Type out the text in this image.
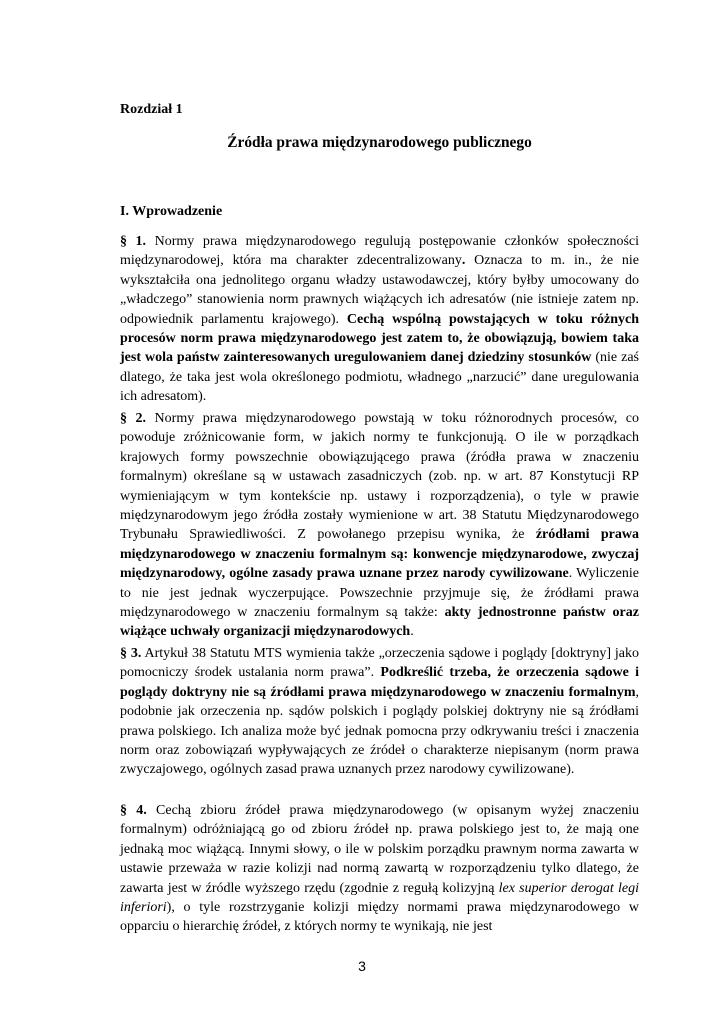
Rozdział 1

Źródła prawa międzynarodowego publicznego
I. Wprowadzenie

§ 1. Normy prawa międzynarodowego regulują postępowanie członków społeczności międzynarodowej, która ma charakter zdecentralizowany. Oznacza to m. in., że nie wykształciła ona jednolitego organu władzy ustawodawczej, który byłby umocowany do „władczego” stanowienia norm prawnych wiążących ich adresatów (nie istnieje zatem np. odpowiednik parlamentu krajowego). Cechą wspólną powstających w toku różnych procesów norm prawa międzynarodowego jest zatem to, że obowiązują, bowiem taka jest wola państw zainteresowanych uregulowaniem danej dziedziny stosunków (nie zaś dlatego, że taka jest wola określonego podmiotu, władnego „narzucić” dane uregulowania ich adresatom).

§ 2. Normy prawa międzynarodowego powstają w toku różnorodnych procesów, co powoduje zróżnicowanie form, w jakich normy te funkcjonują. O ile w porządkach krajowych formy powszechnie obowiązującego prawa (źródła prawa w znaczeniu formalnym) określane są w ustawach zasadniczych (zob. np. w art. 87 Konstytucji RP wymieniającym w tym kontekście np. ustawy i rozporządzenia), o tyle w prawie międzynarodowym jego źródła zostały wymienione w art. 38 Statutu Międzynarodowego Trybunału Sprawiedliwości. Z powołanego przepisu wynika, że źródłami prawa międzynarodowego w znaczeniu formalnym są: konwencje międzynarodowe, zwyczaj międzynarodowy, ogólne zasady prawa uznane przez narody cywilizowane. Wyliczenie to nie jest jednak wyczerpujące. Powszechnie przyjmuje się, że źródłami prawa międzynarodowego w znaczeniu formalnym są także: akty jednostronne państw oraz wiążące uchwały organizacji międzynarodowych.

§ 3. Artykuł 38 Statutu MTS wymienia także „orzeczenia sądowe i poglądy [doktryny] jako pomocniczy środek ustalania norm prawa”. Podkreślić trzeba, że orzeczenia sądowe i poglądy doktryny nie są źródłami prawa międzynarodowego w znaczeniu formalnym, podobnie jak orzeczenia np. sądów polskich i poglądy polskiej doktryny nie są źródłami prawa polskiego. Ich analiza może być jednak pomocna przy odkrywaniu treści i znaczenia norm oraz zobowiązań wypływających ze źródeł o charakterze niepisanym (norm prawa zwyczajowego, ogólnych zasad prawa uznanych przez narodowy cywilizowane).

§ 4. Cechą zbioru źródeł prawa międzynarodowego (w opisanym wyżej znaczeniu formalnym) odróżniającą go od zbioru źródeł np. prawa polskiego jest to, że mają one jednaką moc wiążącą. Innymi słowy, o ile w polskim porządku prawnym norma zawarta w ustawie przeważa w razie kolizji nad normą zawartą w rozporządzeniu tylko dlatego, że zawarta jest w źródle wyższego rzędu (zgodnie z regułą kolizyjną lex superior derogat legi inferiori), o tyle rozstrzyganie kolizji między normami prawa międzynarodowego w opparciu o hierarchię źródeł, z których normy te wynikają, nie jest

3
